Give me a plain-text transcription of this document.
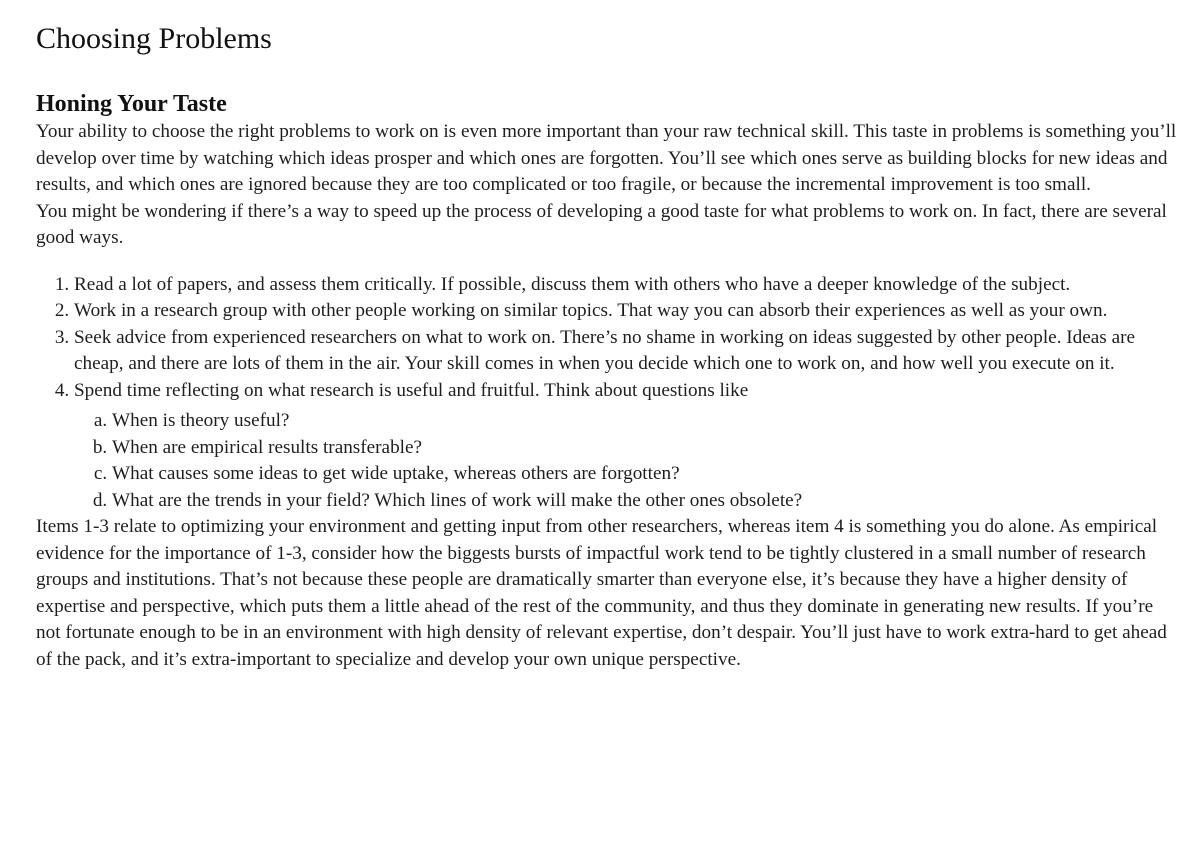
Choosing Problems
Honing Your Taste

Your ability to choose the right problems to work on is even more important than your raw technical skill. This taste in problems is something you’ll develop over time by watching which ideas prosper and which ones are forgotten. You’ll see which ones serve as building blocks for new ideas and results, and which ones are ignored because they are too complicated or too fragile, or because the incremental improvement is too small.

You might be wondering if there’s a way to speed up the process of developing a good taste for what problems to work on. In fact, there are several good ways.

1. Read a lot of papers, and assess them critically. If possible, discuss them with others who have a deeper knowledge of the subject.
2. Work in a research group with other people working on similar topics. That way you can absorb their experiences as well as your own.
3. Seek advice from experienced researchers on what to work on. There’s no shame in working on ideas suggested by other people. Ideas are cheap, and there are lots of them in the air. Your skill comes in when you decide which one to work on, and how well you execute on it.
4. Spend time reflecting on what research is useful and fruitful. Think about questions like
a. When is theory useful?
b. When are empirical results transferable?
c. What causes some ideas to get wide uptake, whereas others are forgotten?
d. What are the trends in your field? Which lines of work will make the other ones obsolete?

Items 1-3 relate to optimizing your environment and getting input from other researchers, whereas item 4 is something you do alone. As empirical evidence for the importance of 1-3, consider how the biggests bursts of impactful work tend to be tightly clustered in a small number of research groups and institutions. That’s not because these people are dramatically smarter than everyone else, it’s because they have a higher density of expertise and perspective, which puts them a little ahead of the rest of the community, and thus they dominate in generating new results. If you’re not fortunate enough to be in an environment with high density of relevant expertise, don’t despair. You’ll just have to work extra-hard to get ahead of the pack, and it’s extra-important to specialize and develop your own unique perspective.
